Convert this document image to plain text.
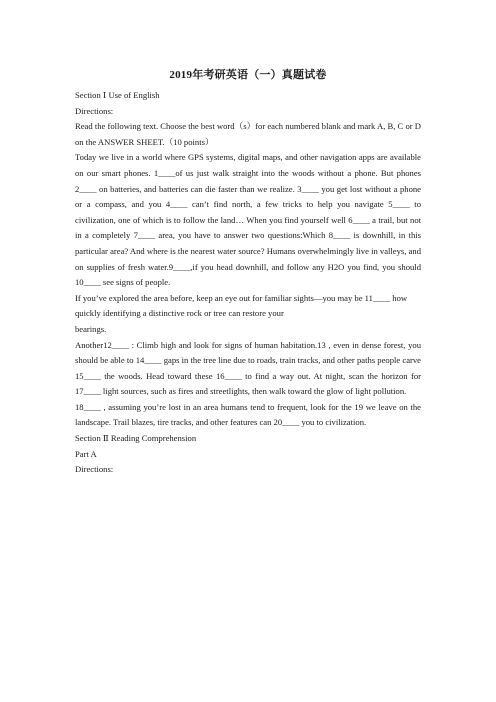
2019年考研英语（一）真题试卷

Section Ⅰ Use of English

Directions:

Read the following text. Choose the best word（s）for each numbered blank and mark A, B, C or D on the ANSWER SHEET.（10 points）

Today we live in a world where GPS systems, digital maps, and other navigation apps are available on our smart phones. 1____of us just walk straight into the woods without a phone. But phones 2____ on batteries, and batteries can die faster than we realize. 3____ you get lost without a phone or a compass, and you 4____ can’t find north, a few tricks to help you navigate 5____ to civilization, one of which is to follow the land… When you find yourself well 6____ a trail, but not in a completely 7____ area, you have to answer two questions:Which 8____ is downhill, in this particular area? And where is the nearest water source? Humans overwhelmingly live in valleys, and on supplies of fresh water.9____,if you head downhill, and follow any H2O you find, you should 10____ see signs of people.

If you’ve explored the area before, keep an eye out for familiar sights—you may be 11____ how quickly identifying a distinctive rock or tree can restore your

bearings.

Another12____ : Climb high and look for signs of human habitation.13 , even in dense forest, you should be able to 14____ gaps in the tree line due to roads, train tracks, and other paths people carve 15____ the woods. Head toward these 16____ to find a way out. At night, scan the horizon for 17____ light sources, such as fires and streetlights, then walk toward the glow of light pollution.

18____ , assuming you’re lost in an area humans tend to frequent, look for the 19 we leave on the landscape. Trail blazes, tire tracks, and other features can 20____ you to civilization.

Section Ⅱ Reading Comprehension

Part A

Directions:
